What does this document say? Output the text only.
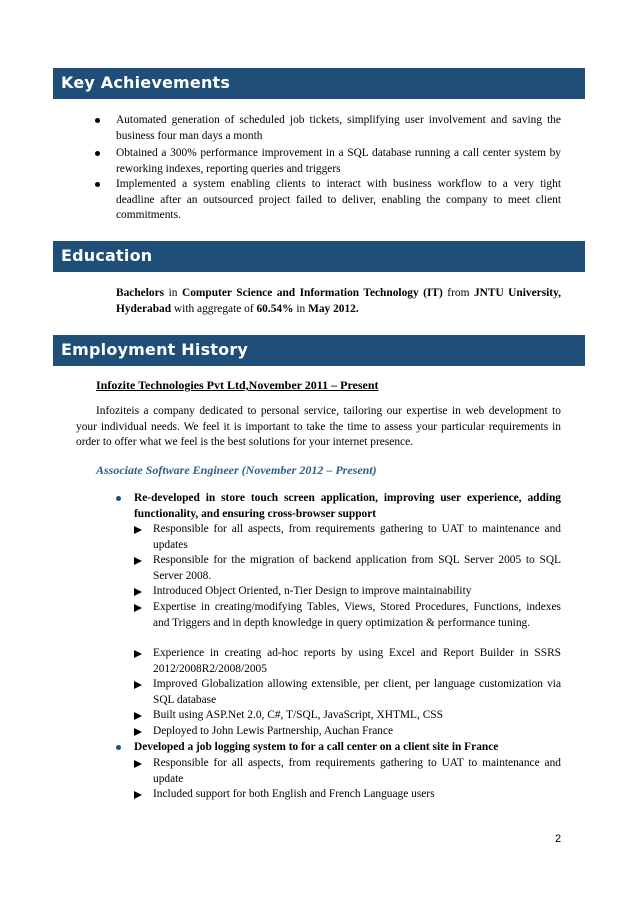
Key Achievements
Automated generation of scheduled job tickets, simplifying user involvement and saving the business four man days a month
Obtained a 300% performance improvement in a SQL database running a call center system by reworking indexes, reporting queries and triggers
Implemented a system enabling clients to interact with business workflow to a very tight deadline after an outsourced project failed to deliver, enabling the company to meet client commitments.
Education
Bachelors in Computer Science and Information Technology (IT) from JNTU University, Hyderabad with aggregate of 60.54% in May 2012.
Employment History
Infozite Technologies Pvt Ltd,November 2011 – Present
Infoziteis a company dedicated to personal service, tailoring our expertise in web development to your individual needs. We feel it is important to take the time to assess your particular requirements in order to offer what we feel is the best solutions for your internet presence.
Associate Software Engineer (November 2012 – Present)
Re-developed in store touch screen application, improving user experience, adding functionality, and ensuring cross-browser support
Responsible for all aspects, from requirements gathering to UAT to maintenance and updates
Responsible for the migration of backend application from SQL Server 2005 to SQL Server 2008.
Introduced Object Oriented, n-Tier Design to improve maintainability
Expertise in creating/modifying Tables, Views, Stored Procedures, Functions, indexes and Triggers and in depth knowledge in query optimization & performance tuning.
Experience in creating ad-hoc reports by using Excel and Report Builder in SSRS 2012/2008R2/2008/2005
Improved Globalization allowing extensible, per client, per language customization via SQL database
Built using ASP.Net 2.0, C#, T/SQL, JavaScript, XHTML, CSS
Deployed to John Lewis Partnership, Auchan France
Developed a job logging system to for a call center on a client site in France
Responsible for all aspects, from requirements gathering to UAT to maintenance and update
Included support for both English and French Language users
2
